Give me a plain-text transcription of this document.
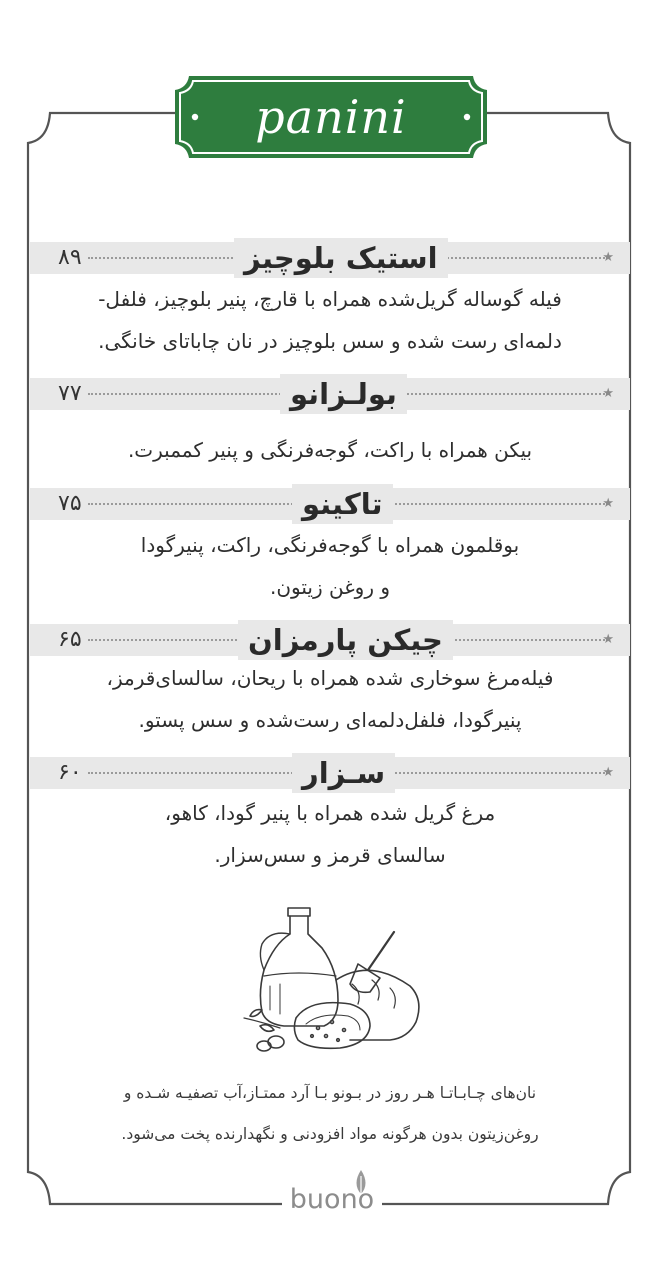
panini
★
۸۹	استیک بلوچیز
فیله گوساله گریل‌شده همراه با قارچ، پنیر بلوچیز، فلفل-
دلمه‌ای رست شده و سس بلوچیز در نان چاباتای خانگی.
★
۷۷	بولـزانو
بیکن همراه با راکت، گوجه‌فرنگی و پنیر کممبرت.
★
۷۵	تاکینو
بوقلمون همراه با گوجه‌فرنگی، راکت، پنیرگودا
و روغن زیتون.
★
۶۵	چیکن پارمزان
فیله‌مرغ سوخاری شده همراه با ریحان، سالسای‌قرمز،
پنیرگودا، فلفل‌دلمه‌ای رست‌شده و سس پستو.
★
۶۰	سـزار
مرغ گریل شده همراه با پنیر گودا، کاهو،
سالسای قرمز و سس‌سزار.
نان‌های چـابـاتـا هـر روز در بـونو بـا آرد ممتـاز،آب تصفیـه شـده و
روغن‌زیتون بدون هرگونه مواد افزودنی و نگهدارنده پخت می‌شود.
buono
